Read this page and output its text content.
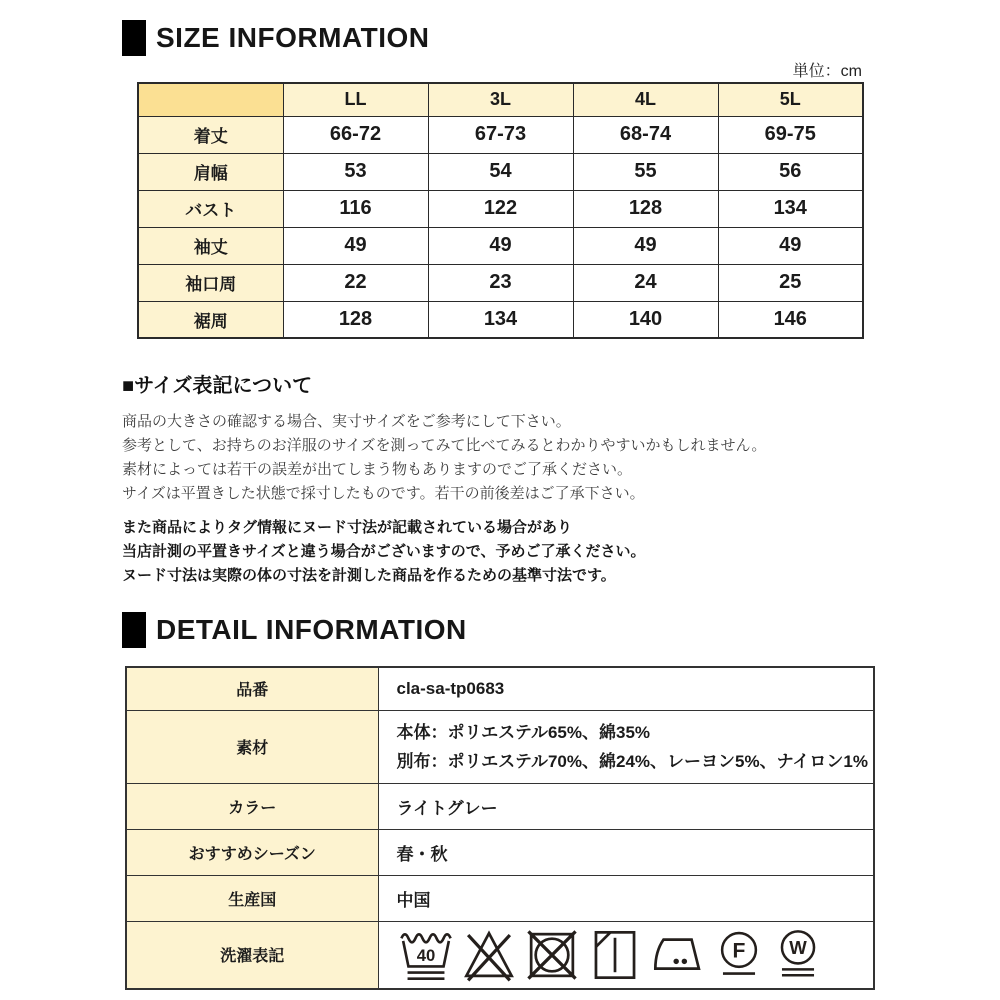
SIZE INFORMATION
単位：cm
	LL	3L	4L	5L
着丈	66-72	67-73	68-74	69-75
肩幅	53	54	55	56
バスト	116	122	128	134
袖丈	49	49	49	49
袖口周	22	23	24	25
裾周	128	134	140	146
■サイズ表記について
商品の大きさの確認する場合、実寸サイズをご参考にして下さい。
参考として、お持ちのお洋服のサイズを測ってみて比べてみるとわかりやすいかもしれません。
素材によっては若干の誤差が出てしまう物もありますのでご了承ください。
サイズは平置きした状態で採寸したものです。若干の前後差はご了承下さい。
また商品によりタグ情報にヌード寸法が記載されている場合があり
当店計測の平置きサイズと違う場合がございますので、予めご了承ください。
ヌード寸法は実際の体の寸法を計測した商品を作るための基準寸法です。
DETAIL INFORMATION
品番	cla-sa-tp0683
素材	本体：ポリエステル65%、綿35%
別布：ポリエステル70%、綿24%、レーヨン5%、ナイロン1%

カラー	ライトグレー
おすすめシーズン	春・秋
生産国	中国
洗濯表記	40 F W
